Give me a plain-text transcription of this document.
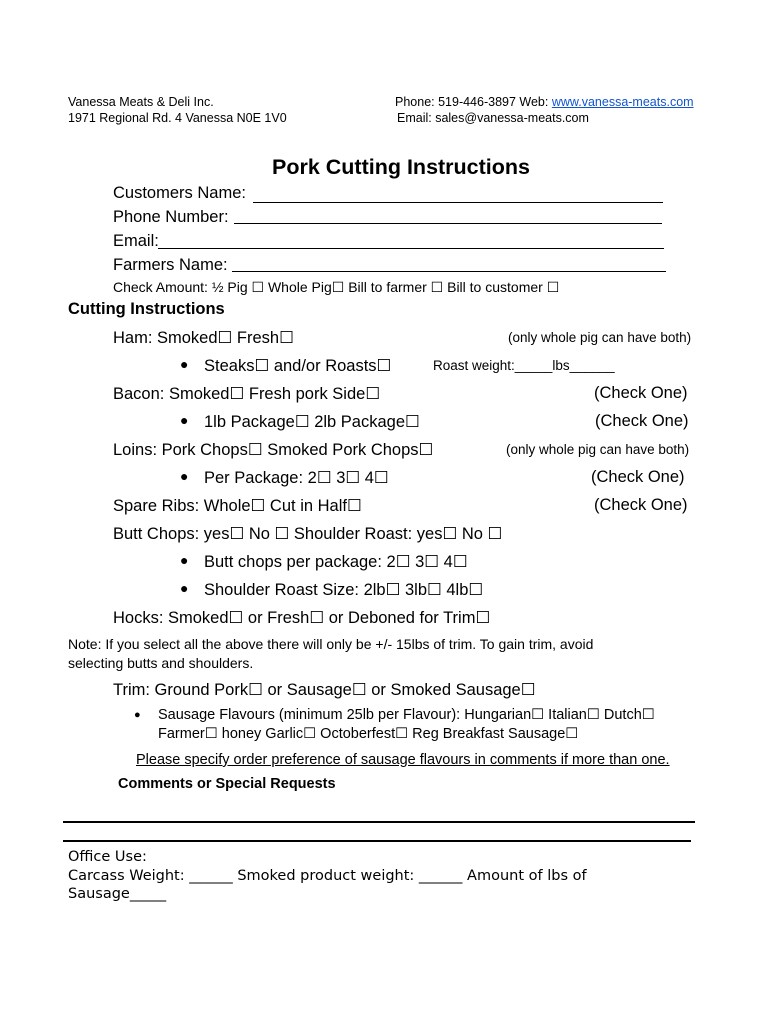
Vanessa Meats & Deli Inc.
1971 Regional Rd. 4 Vanessa N0E 1V0
Phone: 519-446-3897 Web: www.vanessa-meats.com
Email: sales@vanessa-meats.com
Pork Cutting Instructions
Customers Name:
Phone Number:
Email:
Farmers Name:
Check Amount: ½ Pig ☐ Whole Pig☐ Bill to farmer ☐ Bill to customer ☐
Cutting Instructions
Ham: Smoked☐ Fresh☐	(only whole pig can have both)
● Steaks☐ and/or Roasts☐	Roast weight:_____lbs______
Bacon: Smoked☐ Fresh pork Side☐	(Check One)
● 1lb Package☐ 2lb Package☐	(Check One)
Loins: Pork Chops☐ Smoked Pork Chops☐	(only whole pig can have both)
● Per Package: 2☐ 3☐ 4☐	(Check One)
Spare Ribs: Whole☐ Cut in Half☐	(Check One)
Butt Chops: yes☐ No ☐ Shoulder Roast: yes☐ No ☐
● Butt chops per package: 2☐ 3☐ 4☐
● Shoulder Roast Size: 2lb☐ 3lb☐ 4lb☐
Hocks: Smoked☐ or Fresh☐ or Deboned for Trim☐
Note: If you select all the above there will only be +/- 15lbs of trim. To gain trim, avoid
selecting butts and shoulders.
Trim: Ground Pork☐ or Sausage☐ or Smoked Sausage☐
● Sausage Flavours (minimum 25lb per Flavour): Hungarian☐ Italian☐ Dutch☐
Farmer☐ honey Garlic☐ Octoberfest☐ Reg Breakfast Sausage☐
Please specify order preference of sausage flavours in comments if more than one.
Comments or Special Requests
Office Use:
Carcass Weight: ______ Smoked product weight: ______ Amount of lbs of
Sausage_____
